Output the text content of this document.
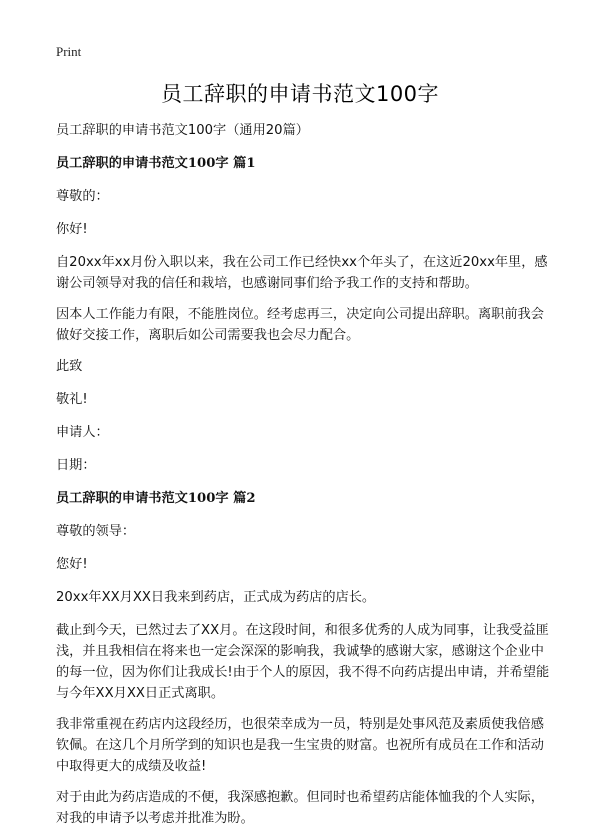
Print
员工辞职的申请书范文100字

员工辞职的申请书范文100字（通用20篇）

员工辞职的申请书范文100字 篇1

尊敬的：

你好!

自20xx年xx月份入职以来，我在公司工作已经快xx个年头了，在这近20xx年里，感谢公司领导对我的信任和栽培，也感谢同事们给予我工作的支持和帮助。

因本人工作能力有限，不能胜岗位。经考虑再三，决定向公司提出辞职。离职前我会做好交接工作，离职后如公司需要我也会尽力配合。

此致

敬礼!

申请人：

日期：

员工辞职的申请书范文100字 篇2

尊敬的领导：

您好!

20xx年XX月XX日我来到药店，正式成为药店的店长。

截止到今天，已然过去了XX月。在这段时间，和很多优秀的人成为同事，让我受益匪浅，并且我相信在将来也一定会深深的影响我，我诚挚的感谢大家，感谢这个企业中的每一位，因为你们让我成长!由于个人的原因，我不得不向药店提出申请，并希望能与今年XX月XX日正式离职。

我非常重视在药店内这段经历，也很荣幸成为一员，特别是处事风范及素质使我倍感钦佩。在这几个月所学到的知识也是我一生宝贵的财富。也祝所有成员在工作和活动中取得更大的成绩及收益!

对于由此为药店造成的不便，我深感抱歉。但同时也希望药店能体恤我的个人实际，对我的申请予以考虑并批准为盼。
